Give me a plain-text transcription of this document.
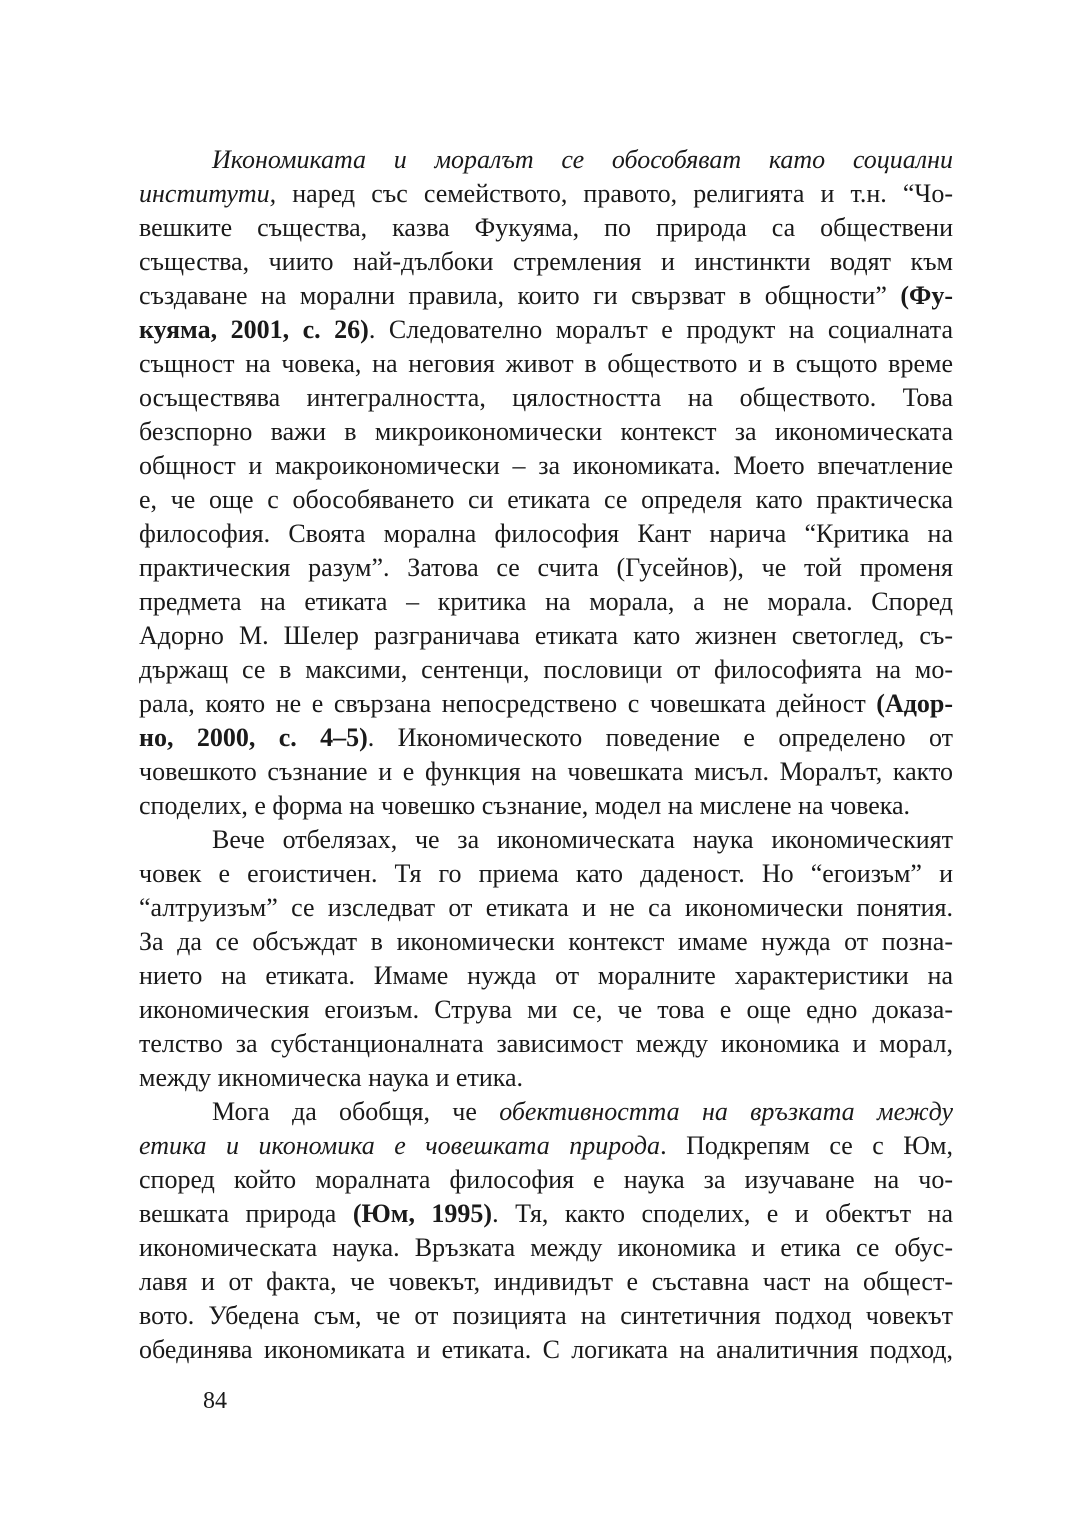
Икономиката и моралът се обособяват като социални
институти, наред със семейството, правото, религията и т.н. “Чо-
вешките същества, казва Фукуяма, по природа са обществени
същества, чиито най-дълбоки стремления и инстинкти водят към
създаване на морални правила, които ги свързват в общности” (Фу-
куяма, 2001, с. 26). Следователно моралът е продукт на социалната
същност на човека, на неговия живот в обществото и в същото време
осъществява интегралността, цялостността на обществото. Това
безспорно важи в микроикономически контекст за икономическата
общност и макроикономически – за икономиката. Моето впечатление
е, че още с обособяването си етиката се определя като практическа
философия. Своята морална философия Кант нарича “Критика на
практическия разум”. Затова се счита (Гусейнов), че той променя
предмета на етиката – критика на морала, а не морала. Според
Адорно М. Шелер разграничава етиката като жизнен светоглед, съ-
държащ се в максими, сентенци, пословици от философията на мо-
рала, която не е свързана непосредствено с човешката дейност (Адор-
но, 2000, с. 4–5). Икономическото поведение е определено от
човешкото съзнание и е функция на човешката мисъл. Моралът, както
споделих, е форма на човешко съзнание, модел на мислене на човека.
Вече отбелязах, че за икономическата наука икономическият
човек е егоистичен. Тя го приема като даденост. Но “егоизъм” и
“алтруизъм” се изследват от етиката и не са икономически понятия.
За да се обсъждат в икономически контекст имаме нужда от позна-
нието на етиката. Имаме нужда от моралните характеристики на
икономическия егоизъм. Струва ми се, че това е още едно доказа-
телство за субстанционалната зависимост между икономика и морал,
между икномическа наука и етика.
Мога да обобщя, че обективността на връзката между
етика и икономика е човешката природа. Подкрепям се с Юм,
според който моралната философия е наука за изучаване на чо-
вешката природа (Юм, 1995). Тя, както споделих, е и обектът на
икономическата наука. Връзката между икономика и етика се обус-
лавя и от факта, че човекът, индивидът е съставна част на общест-
вото. Убедена съм, че от позицията на синтетичния подход човекът
обединява икономиката и етиката. С логиката на аналитичния подход,
84
